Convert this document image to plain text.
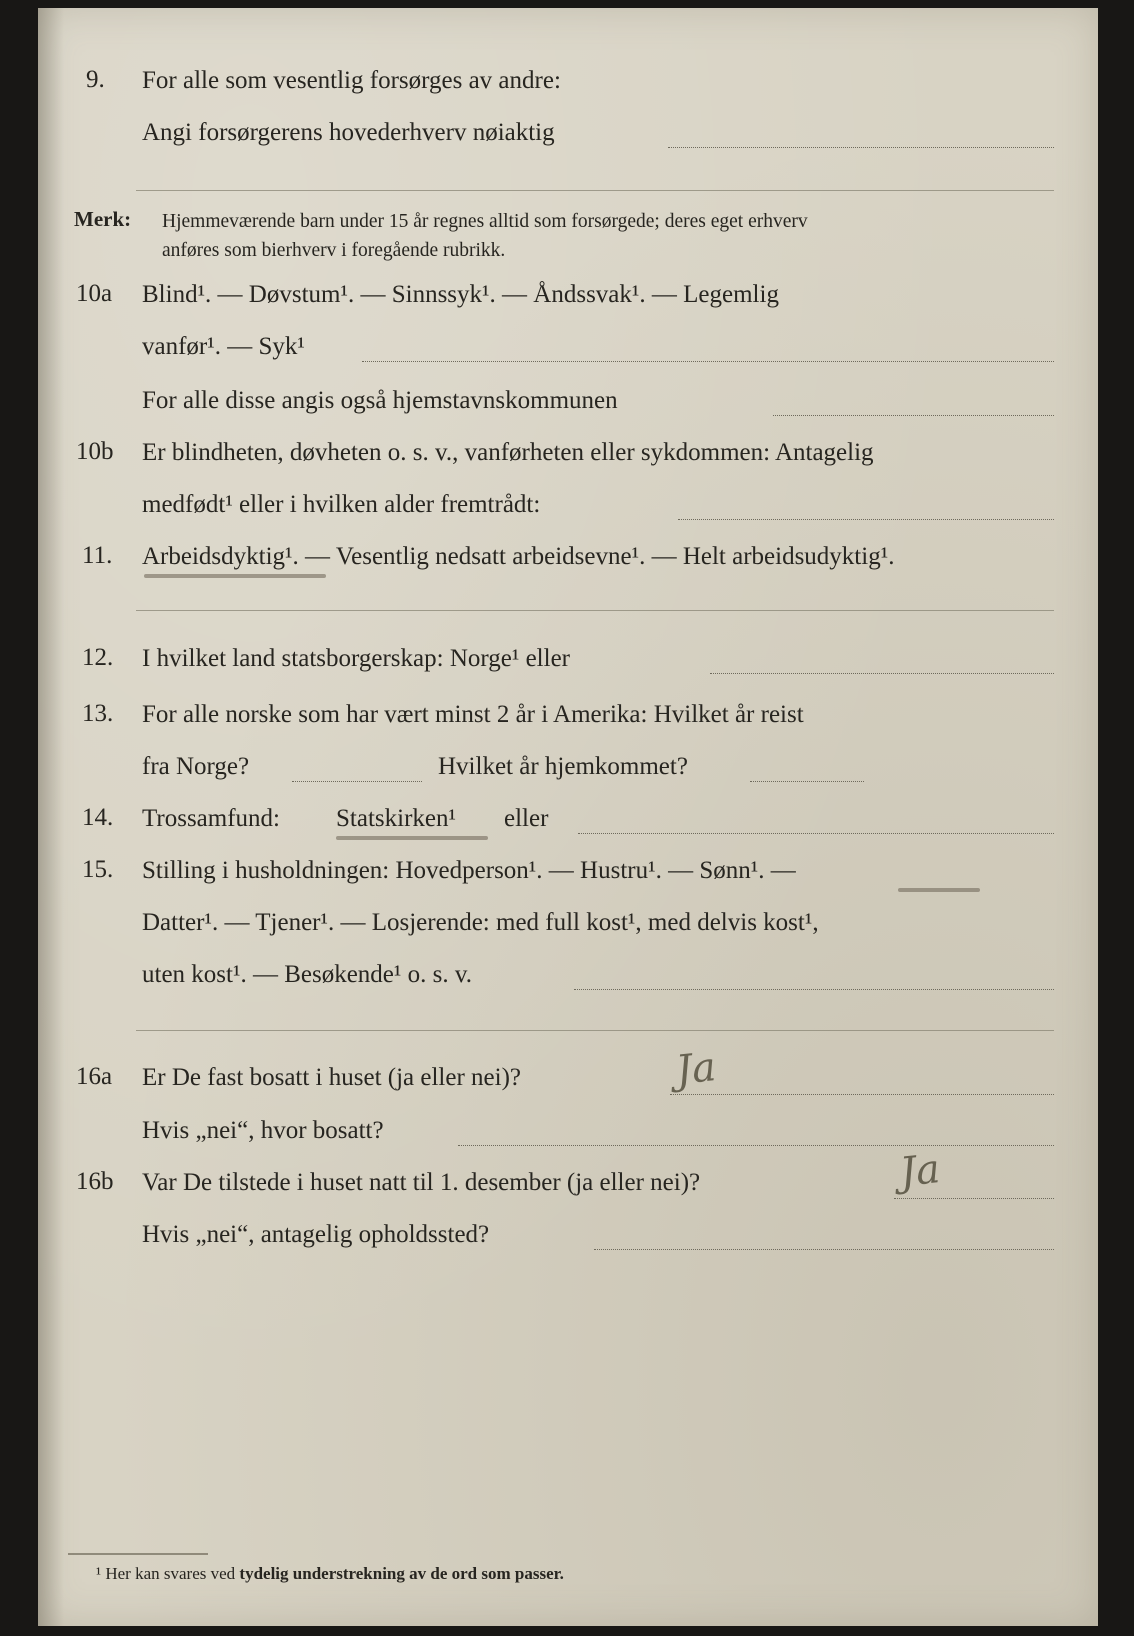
9. For alle som vesentlig forsørges av andre:
Angi forsørgerens hovederhverv nøiaktig
Merk: Hjemmeværende barn under 15 år regnes alltid som forsørgede; deres eget erhverv
anføres som bierhverv i foregående rubrikk.
10a Blind¹. — Døvstum¹. — Sinnssyk¹. — Åndssvak¹. — Legemlig
vanfør¹. — Syk¹
For alle disse angis også hjemstavnskommunen
10b Er blindheten, døvheten o. s. v., vanførheten eller sykdommen: Antagelig
medfødt¹ eller i hvilken alder fremtrådt:
11. Arbeidsdyktig¹. — Vesentlig nedsatt arbeidsevne¹. — Helt arbeidsudyktig¹.
12. I hvilket land statsborgerskap: Norge¹ eller
13. For alle norske som har vært minst 2 år i Amerika: Hvilket år reist
fra Norge?	Hvilket år hjemkommet?
14. Trossamfund: Statskirken¹ eller
15. Stilling i husholdningen: Hovedperson¹. — Hustru¹. — Sønn¹. —
Datter¹. — Tjener¹. — Losjerende: med full kost¹, med delvis kost¹,
uten kost¹. — Besøkende¹ o. s. v.
16a Er De fast bosatt i huset (ja eller nei)?	Ja
Hvis „nei“, hvor bosatt?
16b Var De tilstede i huset natt til 1. desember (ja eller nei)?	Ja
Hvis „nei“, antagelig opholdssted?
¹ Her kan svares ved tydelig understrekning av de ord som passer.
